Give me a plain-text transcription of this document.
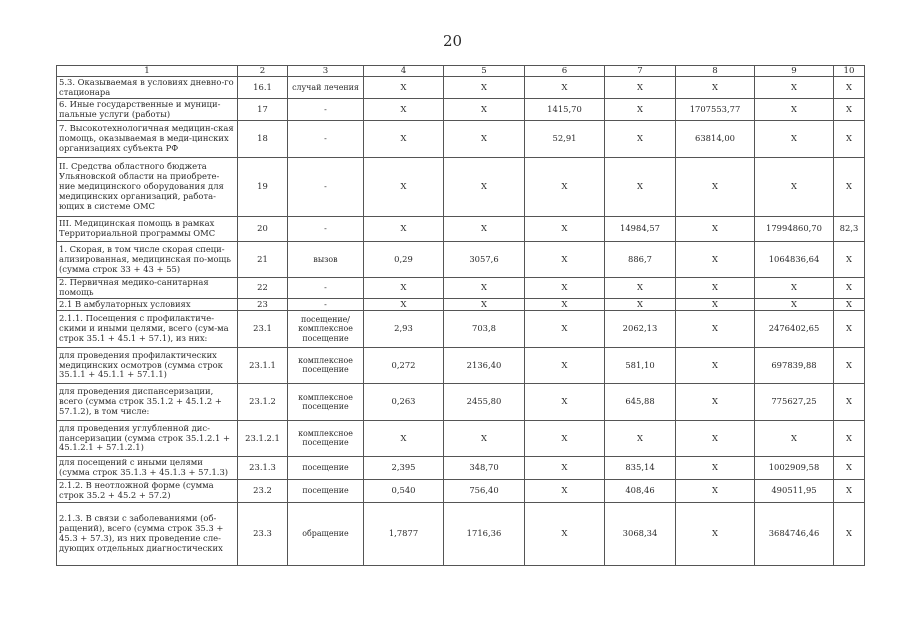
20
1	2	3	4	5	6	7	8	9	10
5.3. Оказываемая в условиях дневно-го стационара	16.1	случай лечения	X	X	X	X	X	X	X
6. Иные государственные и муници-пальные услуги (работы)	17	-	X	X	1415,70	X	1707553,77	X	X
7. Высокотехнологичная медицин-ская помощь, оказываемая в меди-цинских организациях субъекта РФ	18	-	X	X	52,91	X	63814,00	X	X
II. Средства областного бюджета Ульяновской области на приобрете-ние медицинского оборудования для медицинских организаций, работа-ющих в системе ОМС	19	-	X	X	X	X	X	X	X
III. Медицинская помощь в рамках Территориальной программы ОМС	20	-	X	X	X	14984,57	X	17994860,70	82,3
1. Скорая, в том числе скорая специ-ализированная, медицинская по-мощь (сумма строк 33 + 43 + 55)	21	вызов	0,29	3057,6	X	886,7	X	1064836,64	X
2. Первичная медико-санитарная помощь	22	-	X	X	X	X	X	X	X
2.1 В амбулаторных условиях	23	-	X	X	X	X	X	X	X
2.1.1. Посещения с профилактиче-скими и иными целями, всего (сум-ма строк 35.1 + 45.1 + 57.1), из них:	23.1	посещение/ комплексное посещение	2,93	703,8	X	2062,13	X	2476402,65	X
для проведения профилактических медицинских осмотров (сумма строк 35.1.1 + 45.1.1 + 57.1.1)	23.1.1	комплексное посещение	0,272	2136,40	X	581,10	X	697839,88	X
для проведения диспансеризации, всего (сумма строк 35.1.2 + 45.1.2 + 57.1.2), в том числе:	23.1.2	комплексное посещение	0,263	2455,80	X	645,88	X	775627,25	X
для проведения углубленной дис-пансеризации (сумма строк 35.1.2.1 + 45.1.2.1 + 57.1.2.1)	23.1.2.1	комплексное посещение	X	X	X	X	X	X	X
для посещений с иными целями (сумма строк 35.1.3 + 45.1.3 + 57.1.3)	23.1.3	посещение	2,395	348,70	X	835,14	X	1002909,58	X
2.1.2. В неотложной форме (сумма строк 35.2 + 45.2 + 57.2)	23.2	посещение	0,540	756,40	X	408,46	X	490511,95	X
2.1.3. В связи с заболеваниями (об-ращений), всего (сумма строк 35.3 + 45.3 + 57.3), из них проведение сле-дующих отдельных диагностических	23.3	обращение	1,7877	1716,36	X	3068,34	X	3684746,46	X
